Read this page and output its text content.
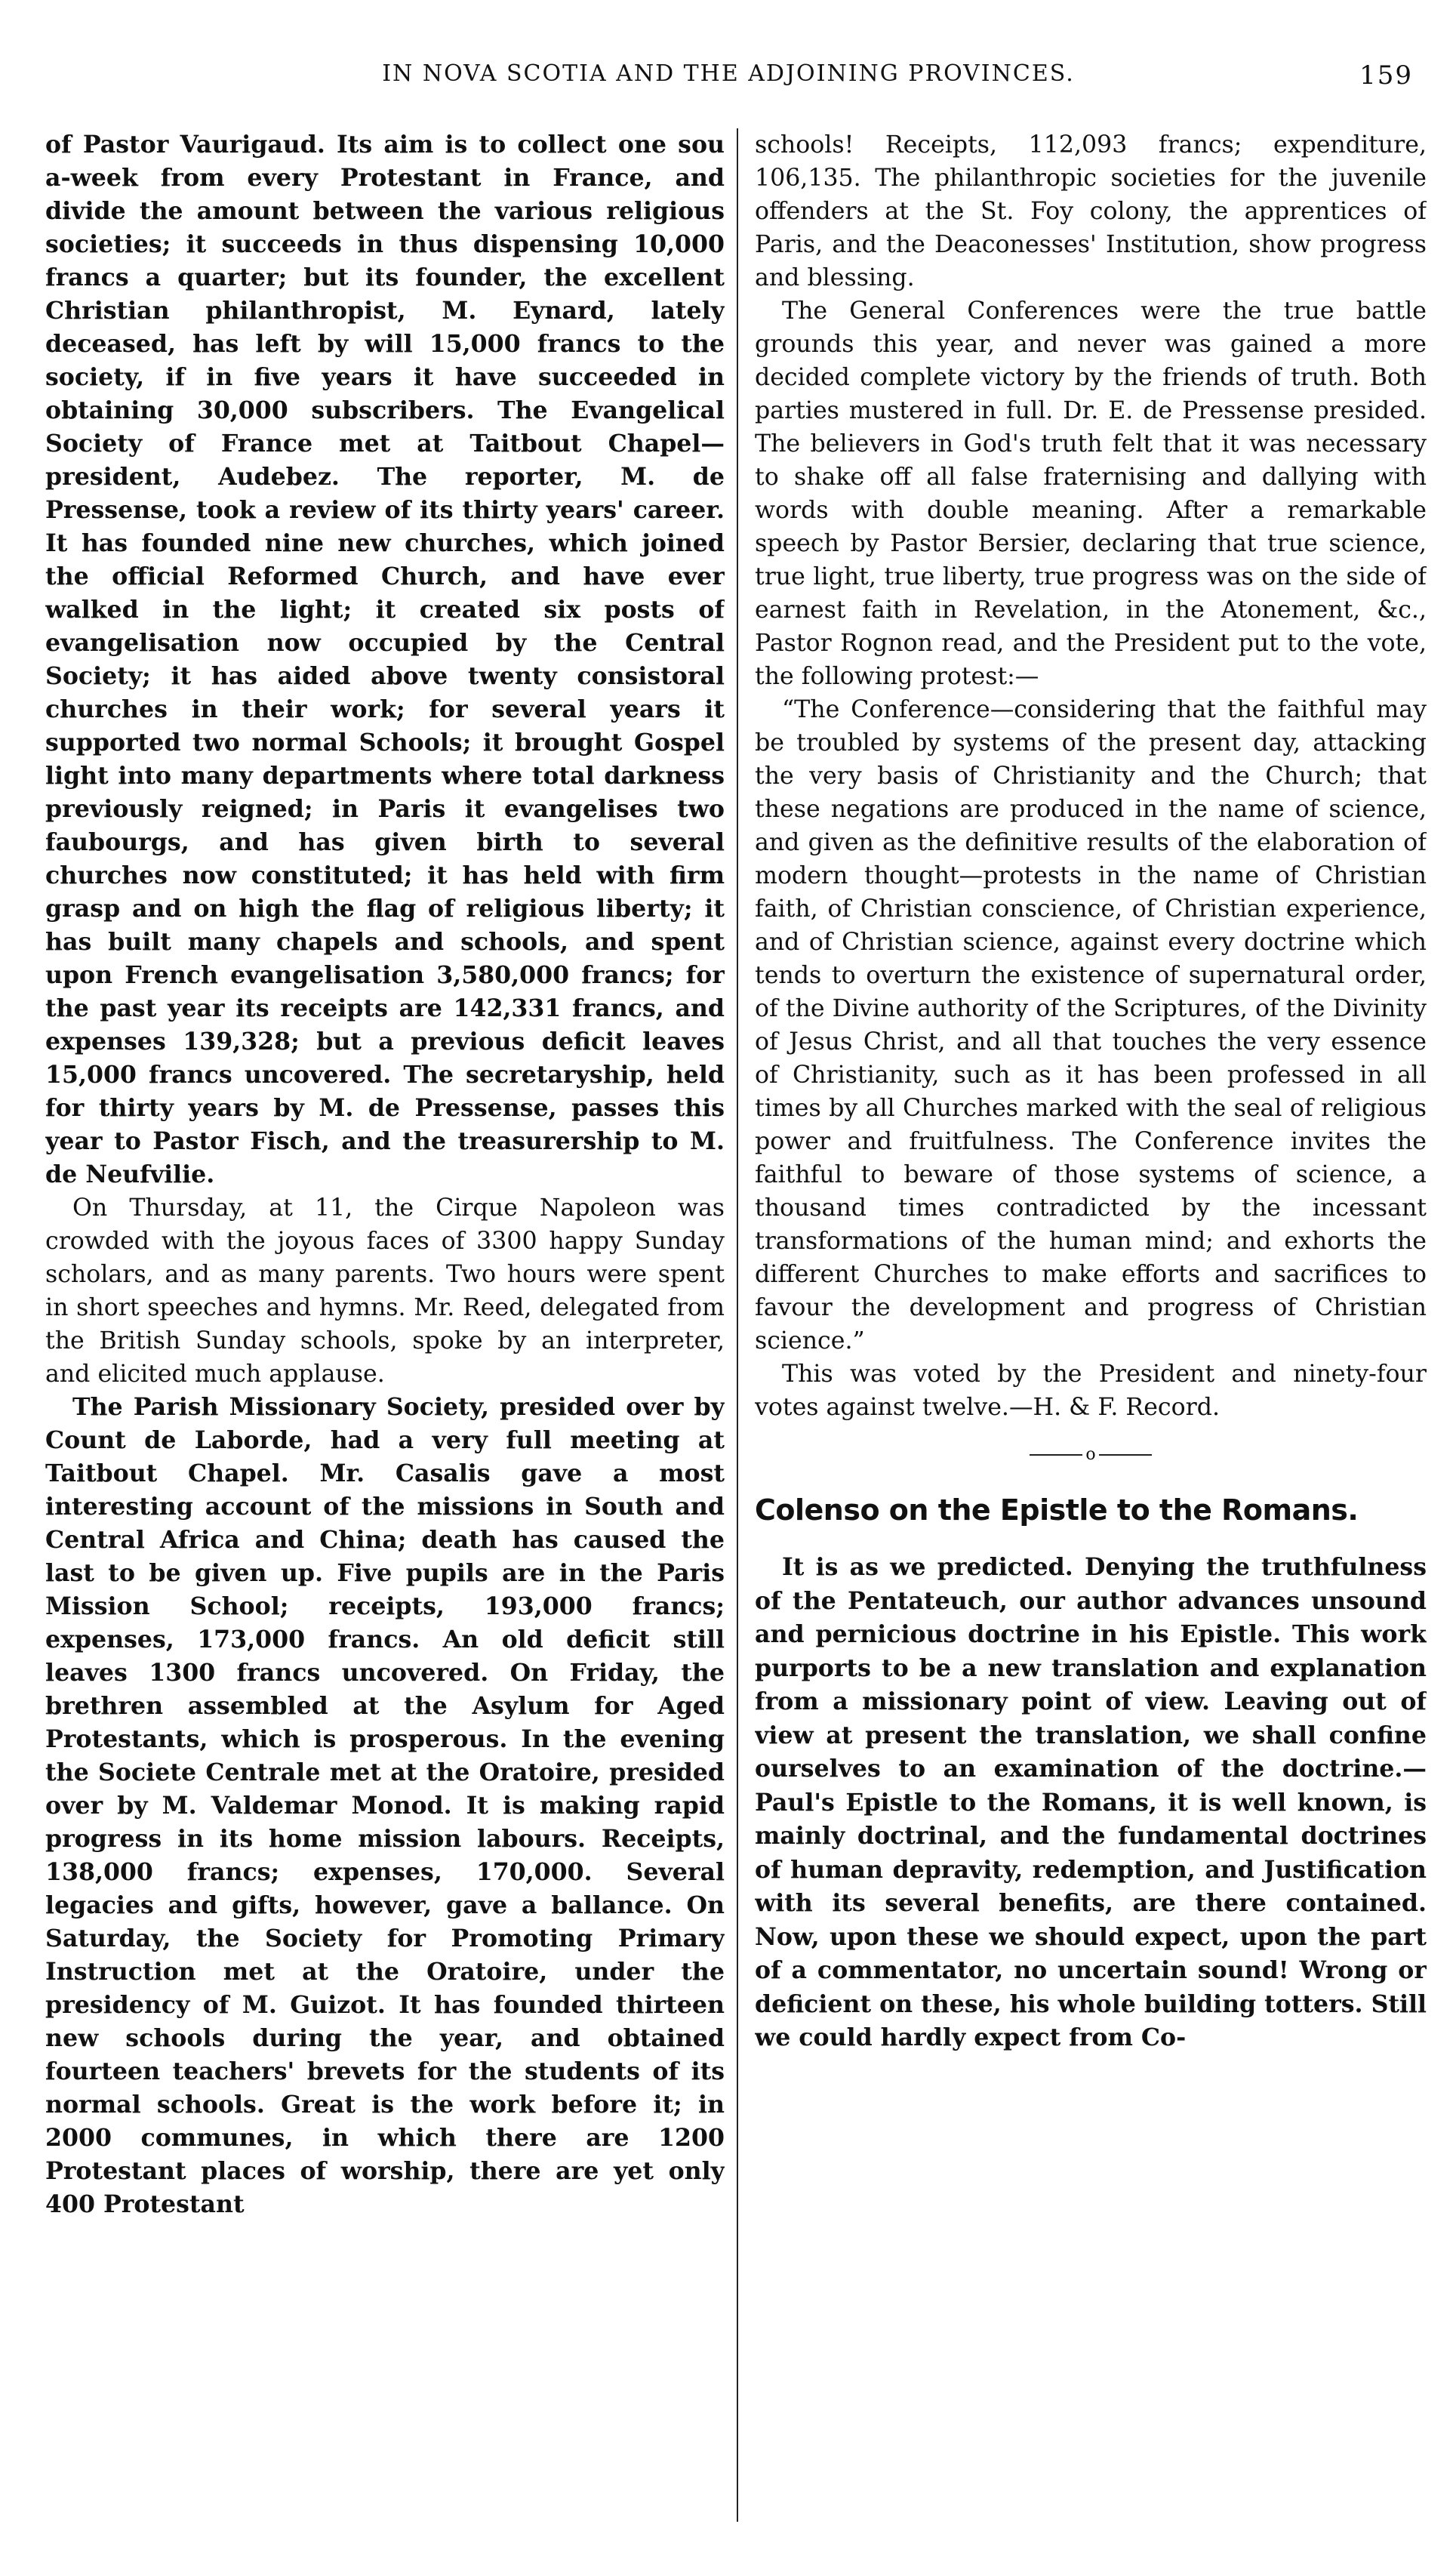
IN NOVA SCOTIA AND THE ADJOINING PROVINCES.	159

of Pastor Vaurigaud. Its aim is to collect one sou a-week from every Protestant in France, and divide the amount between the various religious societies; it succeeds in thus dispensing 10,000 francs a quarter; but its founder, the excellent Christian philanthropist, M. Eynard, lately deceased, has left by will 15,000 francs to the society, if in five years it have succeeded in obtaining 30,000 subscribers. The Evangelical Society of France met at Taitbout Chapel—president, Audebez. The reporter, M. de Pressense, took a review of its thirty years' career. It has founded nine new churches, which joined the official Reformed Church, and have ever walked in the light; it created six posts of evangelisation now occupied by the Central Society; it has aided above twenty consistoral churches in their work; for several years it supported two normal Schools; it brought Gospel light into many departments where total darkness previously reigned; in Paris it evangelises two faubourgs, and has given birth to several churches now constituted; it has held with firm grasp and on high the flag of religious liberty; it has built many chapels and schools, and spent upon French evangelisation 3,580,000 francs; for the past year its receipts are 142,331 francs, and expenses 139,328; but a previous deficit leaves 15,000 francs uncovered. The secretaryship, held for thirty years by M. de Pressense, passes this year to Pastor Fisch, and the treasurership to M. de Neufvilie.

On Thursday, at 11, the Cirque Napoleon was crowded with the joyous faces of 3300 happy Sunday scholars, and as many parents. Two hours were spent in short speeches and hymns. Mr. Reed, delegated from the British Sunday schools, spoke by an interpreter, and elicited much applause.

The Parish Missionary Society, presided over by Count de Laborde, had a very full meeting at Taitbout Chapel. Mr. Casalis gave a most interesting account of the missions in South and Central Africa and China; death has caused the last to be given up. Five pupils are in the Paris Mission School; receipts, 193,000 francs; expenses, 173,000 francs. An old deficit still leaves 1300 francs uncovered. On Friday, the brethren assembled at the Asylum for Aged Protestants, which is prosperous. In the evening the Societe Centrale met at the Oratoire, presided over by M. Valdemar Monod. It is making rapid progress in its home mission labours. Receipts, 138,000 francs; expenses, 170,000. Several legacies and gifts, however, gave a ballance. On Saturday, the Society for Promoting Primary Instruction met at the Oratoire, under the presidency of M. Guizot. It has founded thirteen new schools during the year, and obtained fourteen teachers' brevets for the students of its normal schools. Great is the work before it; in 2000 communes, in which there are 1200 Protestant places of worship, there are yet only 400 Protestant

schools! Receipts, 112,093 francs; expenditure, 106,135. The philanthropic societies for the juvenile offenders at the St. Foy colony, the apprentices of Paris, and the Deaconesses' Institution, show progress and blessing.

The General Conferences were the true battle grounds this year, and never was gained a more decided complete victory by the friends of truth. Both parties mustered in full. Dr. E. de Pressense presided. The believers in God's truth felt that it was necessary to shake off all false fraternising and dallying with words with double meaning. After a remarkable speech by Pastor Bersier, declaring that true science, true light, true liberty, true progress was on the side of earnest faith in Revelation, in the Atonement, &c., Pastor Rognon read, and the President put to the vote, the following protest:—

“The Conference—considering that the faithful may be troubled by systems of the present day, attacking the very basis of Christianity and the Church; that these negations are produced in the name of science, and given as the definitive results of the elaboration of modern thought—protests in the name of Christian faith, of Christian conscience, of Christian experience, and of Christian science, against every doctrine which tends to overturn the existence of supernatural order, of the Divine authority of the Scriptures, of the Divinity of Jesus Christ, and all that touches the very essence of Christianity, such as it has been professed in all times by all Churches marked with the seal of religious power and fruitfulness. The Conference invites the faithful to beware of those systems of science, a thousand times contradicted by the incessant transformations of the human mind; and exhorts the different Churches to make efforts and sacrifices to favour the development and progress of Christian science.”

This was voted by the President and ninety-four votes against twelve.—H. & F. Record.

o
Colenso on the Epistle to the Romans.

It is as we predicted. Denying the truthfulness of the Pentateuch, our author advances unsound and pernicious doctrine in his Epistle. This work purports to be a new translation and explanation from a missionary point of view. Leaving out of view at present the translation, we shall confine ourselves to an examination of the doctrine.—Paul's Epistle to the Romans, it is well known, is mainly doctrinal, and the fundamental doctrines of human depravity, redemption, and Justification with its several benefits, are there contained. Now, upon these we should expect, upon the part of a commentator, no uncertain sound! Wrong or deficient on these, his whole building totters. Still we could hardly expect from Co-
